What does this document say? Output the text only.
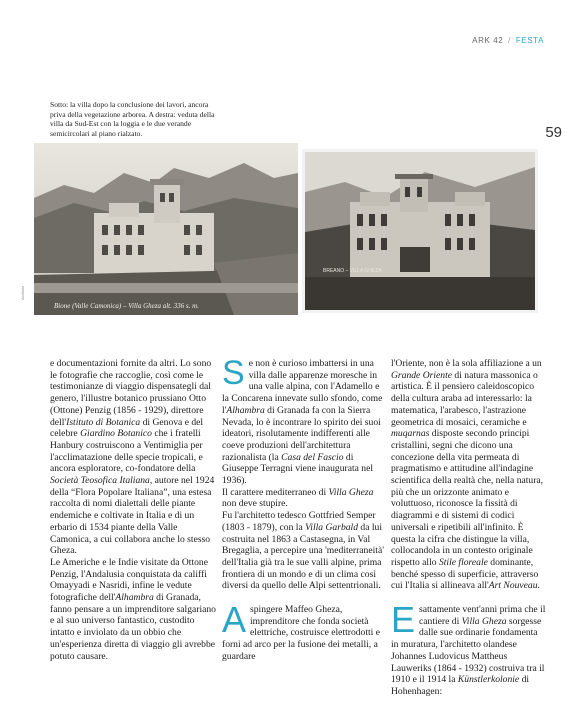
ARK 42 / FESTA
59
Sotto: la villa dopo la conclusione dei lavori, ancora priva della vegetazione arborea. A destra: veduta della villa da Sud-Est con la loggia e le due verande semicircolari al piano rialzato.
Bione (Valle Camonica) – Villa Gheza alt. 336 s. m.
Archivio
BREANO – VILLA GHEZA

e documentazioni fornite da altri. Lo sono le fotografie che raccoglie, così come le testimonianze di viaggio dispensategli dal genero, l'illustre botanico prussiano Otto (Ottone) Penzig (1856 - 1929), direttore dell'Istituto di Botanica di Genova e del celebre Giardino Botanico che i fratelli Hanbury costruiscono a Ventimiglia per l'acclimatazione delle specie tropicali, e ancora esploratore, co-fondatore della Società Teosofica Italiana, autore nel 1924 della “Flora Popolare Italiana”, una estesa raccolta di nomi dialettali delle piante endemiche e coltivate in Italia e di un erbario di 1534 piante della Valle Camonica, a cui collabora anche lo stesso Gheza.

Le Americhe e le Indie visitate da Ottone Penzig, l'Andalusia conquistata da califfi Omayyadi e Nasridi, infine le vedute fotografiche dell'Alhambra di Granada, fanno pensare a un imprenditore salgariano e al suo universo fantastico, custodito intatto e inviolato da un obbio che un'esperienza diretta di viaggio gli avrebbe potuto causare.

Se non è curioso imbattersi in una villa dalle apparenze moresche in una valle alpina, con l'Adamello e la Concarena innevate sullo sfondo, come l'Alhambra di Granada fa con la Sierra Nevada, lo è incontrare lo spirito dei suoi ideatori, risolutamente indifferenti alle coeve produzioni dell'architettura razionalista (la Casa del Fascio di Giuseppe Terragni viene inaugurata nel 1936).

Il carattere mediterraneo di Villa Gheza non deve stupire.

Fu l'architetto tedesco Gottfried Semper (1803 - 1879), con la Villa Garbald da lui costruita nel 1863 a Castasegna, in Val Bregaglia, a percepire una 'mediterraneità' dell'Italia già tra le sue valli alpine, prima frontiera di un mondo e di un clima così diversi da quello delle Alpi settentrionali.

Aspingere Maffeo Gheza, imprenditore che fonda società elettriche, costruisce elettrodotti e forni ad arco per la fusione dei metalli, a guardare

l'Oriente, non è la sola affiliazione a un Grande Oriente di natura massonica o artistica. È il pensiero caleidoscopico della cultura araba ad interessarlo: la matematica, l'arabesco, l'astrazione geometrica di mosaici, ceramiche e muqarnas disposte secondo principi cristallini, segni che dicono una concezione della vita permeata di pragmatismo e attitudine all'indagine scientifica della realtà che, nella natura, più che un orizzonte animato e voluttuoso, riconosce la fissità di diagrammi e di sistemi di codici universali e ripetibili all'infinito. È questa la cifra che distingue la villa, collocandola in un contesto originale rispetto allo Stile floreale dominante, benché spesso di superficie, attraverso cui l'Italia si allineava all'Art Nouveau.

Esattamente vent'anni prima che il cantiere di Villa Gheza sorgesse dalle sue ordinarie fondamenta in muratura, l'architetto olandese Johannes Ludovicus Mattheus Lauweriks (1864 - 1932) costruiva tra il 1910 e il 1914 la Künstlerkolonie di Hohenhagen:
